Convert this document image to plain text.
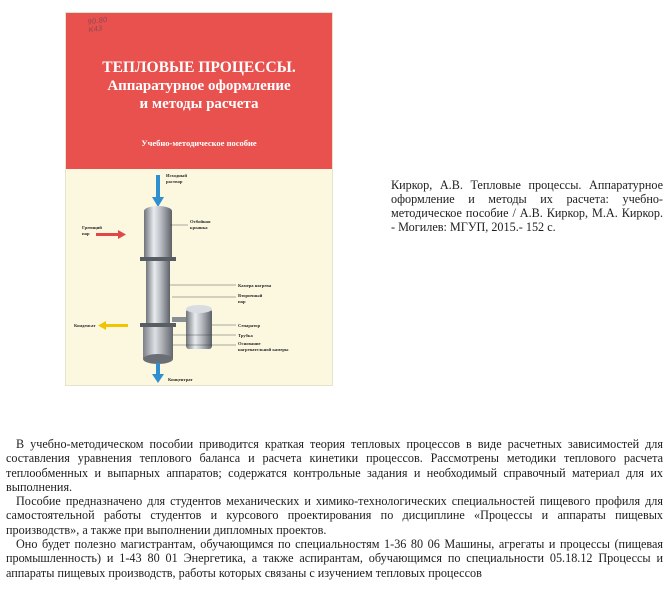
90.80
К43
ТЕПЛОВЫЕ ПРОЦЕССЫ.
Аппаратурное оформление
и методы расчета
Учебно-методическое пособие
Исходный
раствор
Греющий
пар
Отбойная
крышка
Камера нагрева
Вторичный
пар
Конденсат	Сепаратор
Трубка
Основание
нагревательной камеры
Концентрат
Киркор, А.В. Тепловые процессы. Аппаратурное оформление и методы их расчета: учебно-методическое пособие / А.В. Киркор, М.А. Киркор. - Могилев: МГУП, 2015.- 152 с.

В учебно-методическом пособии приводится краткая теория тепловых процессов в виде расчетных зависимостей для составления уравнения теплового баланса и расчета кинетики процессов. Рассмотрены методики теплового расчета теплообменных и выпарных аппаратов; содержатся контрольные задания и необходимый справочный материал для их выполнения.

Пособие предназначено для студентов механических и химико-технологических специальностей пищевого профиля для самостоятельной работы студентов и курсового проектирования по дисциплине «Процессы и аппараты пищевых производств», а также при выполнении дипломных проектов.

Оно будет полезно магистрантам, обучающимся по специальностям 1-36 80 06 Машины, агрегаты и процессы (пищевая промышленность) и 1-43 80 01 Энергетика, а также аспирантам, обучающимся по специальности 05.18.12 Процессы и аппараты пищевых производств, работы которых связаны с изучением тепловых процессов
